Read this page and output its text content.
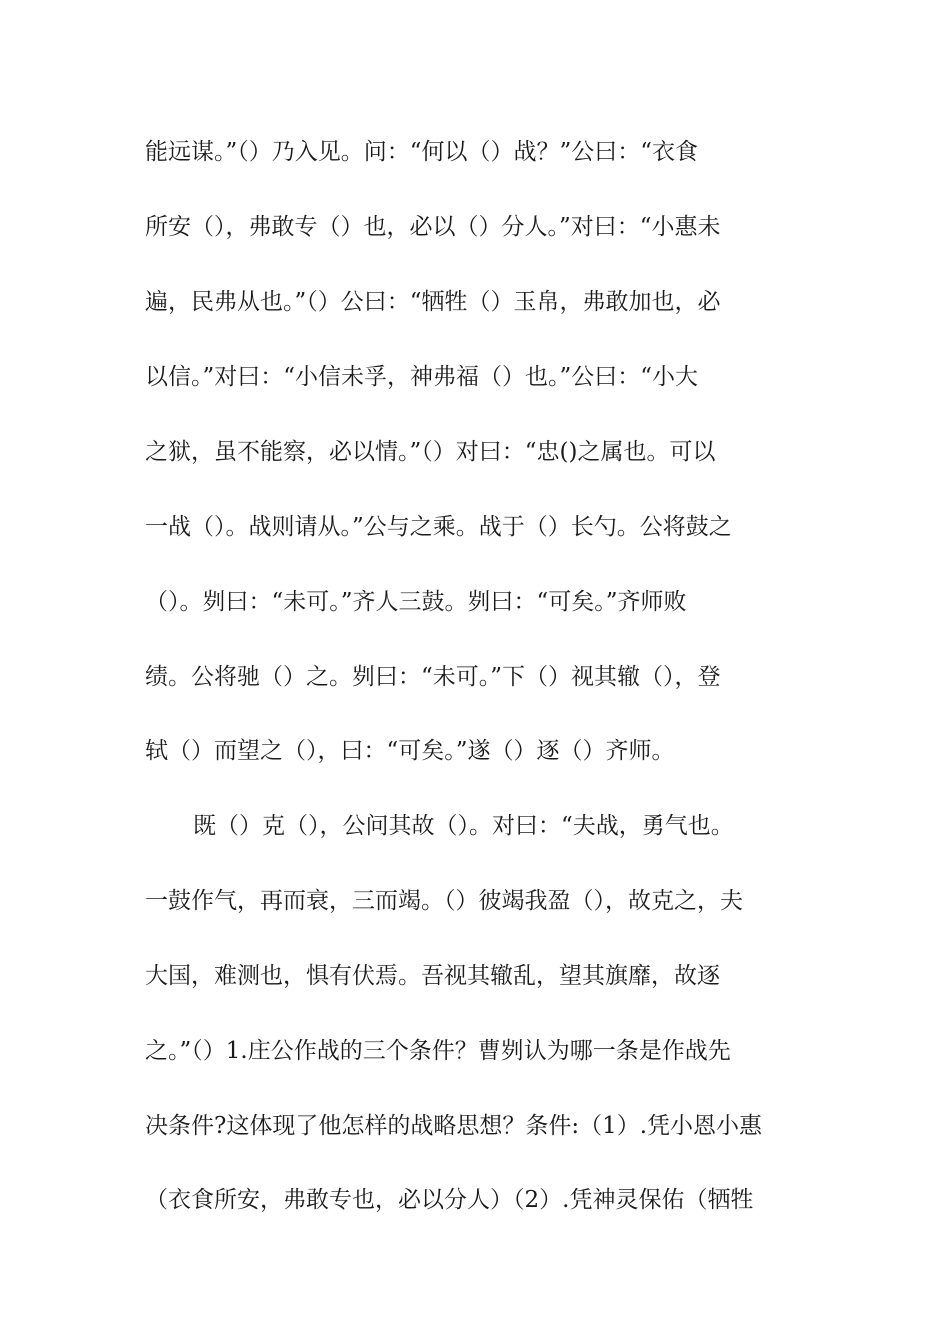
能远谋。”（）乃入见。问：“何以（）战？”公曰：“衣食
所安（），弗敢专（）也，必以（）分人。”对曰：“小惠未
遍，民弗从也。”（）公曰：“牺牲（）玉帛，弗敢加也，必
以信。”对曰：“小信未孚，神弗福（）也。”公曰：“小大
之狱，虽不能察，必以情。”（）对曰：“忠()之属也。可以
一战（）。战则请从。”公与之乘。战于（）长勺。公将鼓之
（）。刿曰：“未可。”齐人三鼓。刿曰：“可矣。”齐师败
绩。公将驰（）之。刿曰：“未可。”下（）视其辙（），登
轼（）而望之（），曰：“可矣。”遂（）逐（）齐师。
既（）克（），公问其故（）。对曰：“夫战，勇气也。
一鼓作气，再而衰，三而竭。（）彼竭我盈（），故克之，夫
大国，难测也，惧有伏焉。吾视其辙乱，望其旗靡，故逐
之。”（）1.庄公作战的三个条件？曹刿认为哪一条是作战先
决条件?这体现了他怎样的战略思想？条件:（1）.凭小恩小惠
（衣食所安，弗敢专也，必以分人）（2）.凭神灵保佑（牺牲
